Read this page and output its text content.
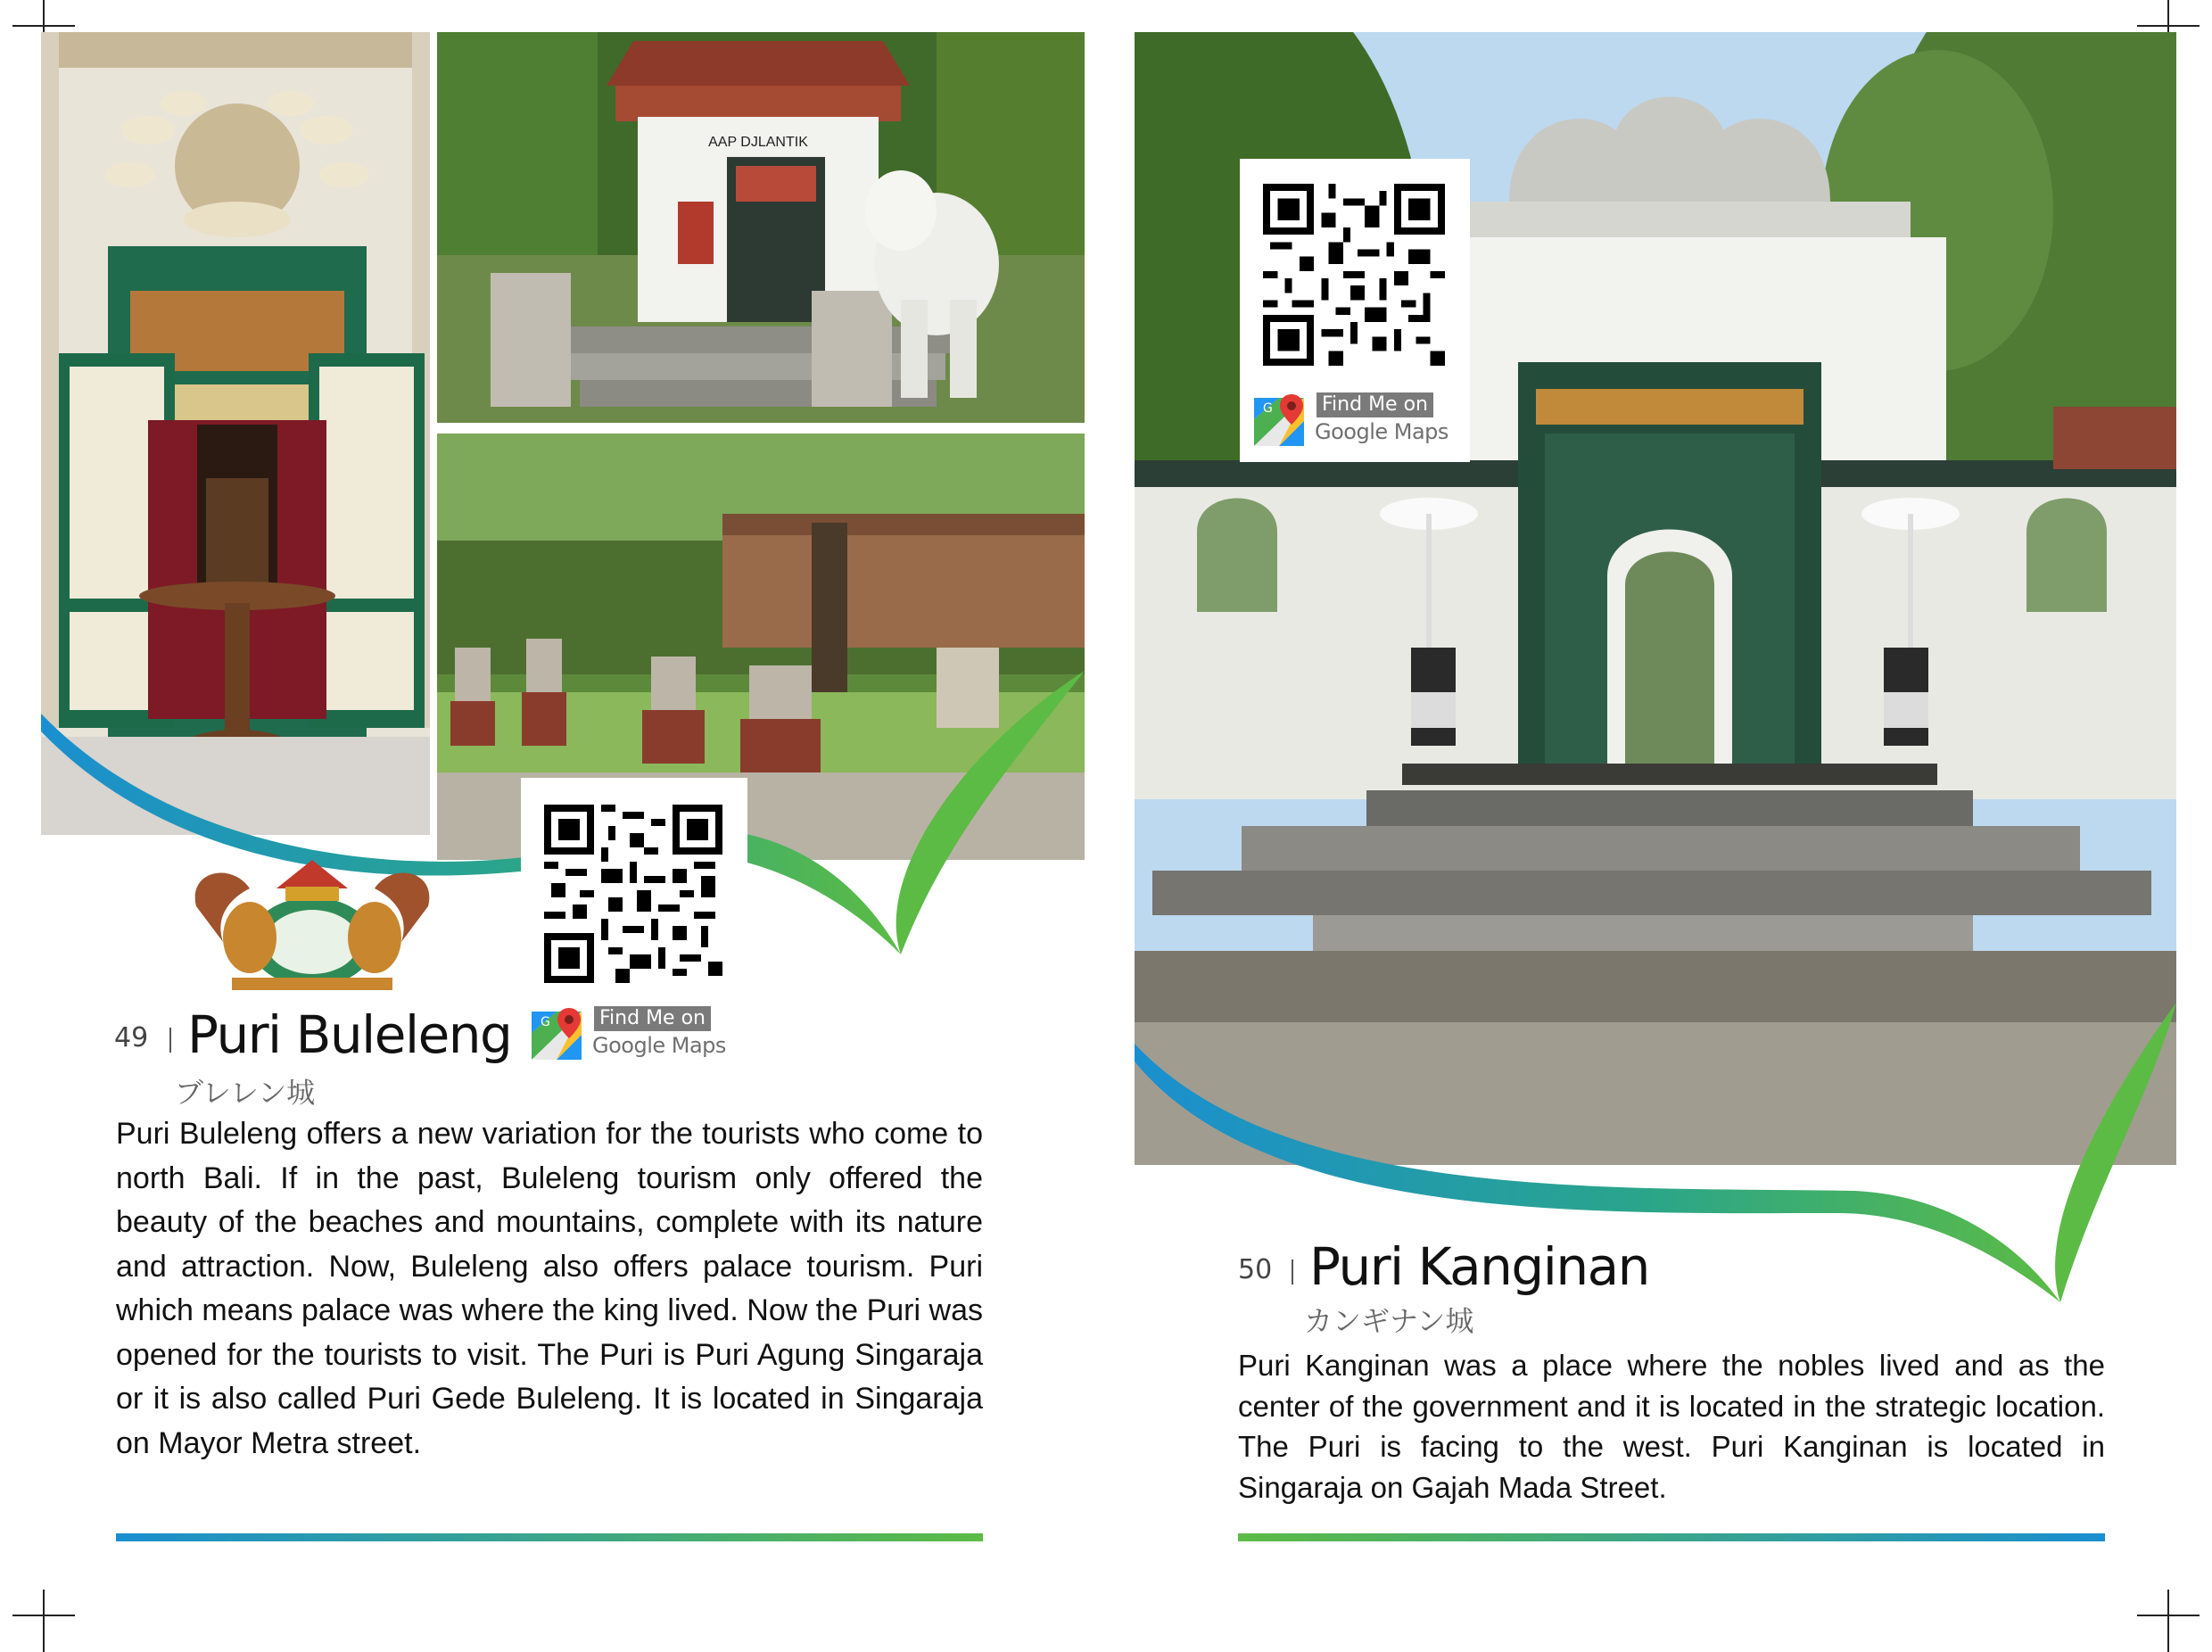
AAP DJLANTIK
49 Puri Buleleng G	Find Me on
Google Maps
ブレレン城
Puri Buleleng offers a new variation for the tourists who come to north Bali. If in the past, Buleleng tourism only offered the beauty of the beaches and mountains, complete with its nature and attraction. Now, Buleleng also offers palace tourism. Puri which means palace was where the king lived. Now the Puri was opened for the tourists to visit. The Puri is Puri Agung Singaraja or it is also called Puri Gede Buleleng. It is located in Singaraja on Mayor Metra street.
G	Find Me on
Google Maps
50 Puri Kanginan
カンギナン城
Puri Kanginan was a place where the nobles lived and as the center of the government and it is located in the strategic location. The Puri is facing to the west. Puri Kanginan is located in Singaraja on Gajah Mada Street.
